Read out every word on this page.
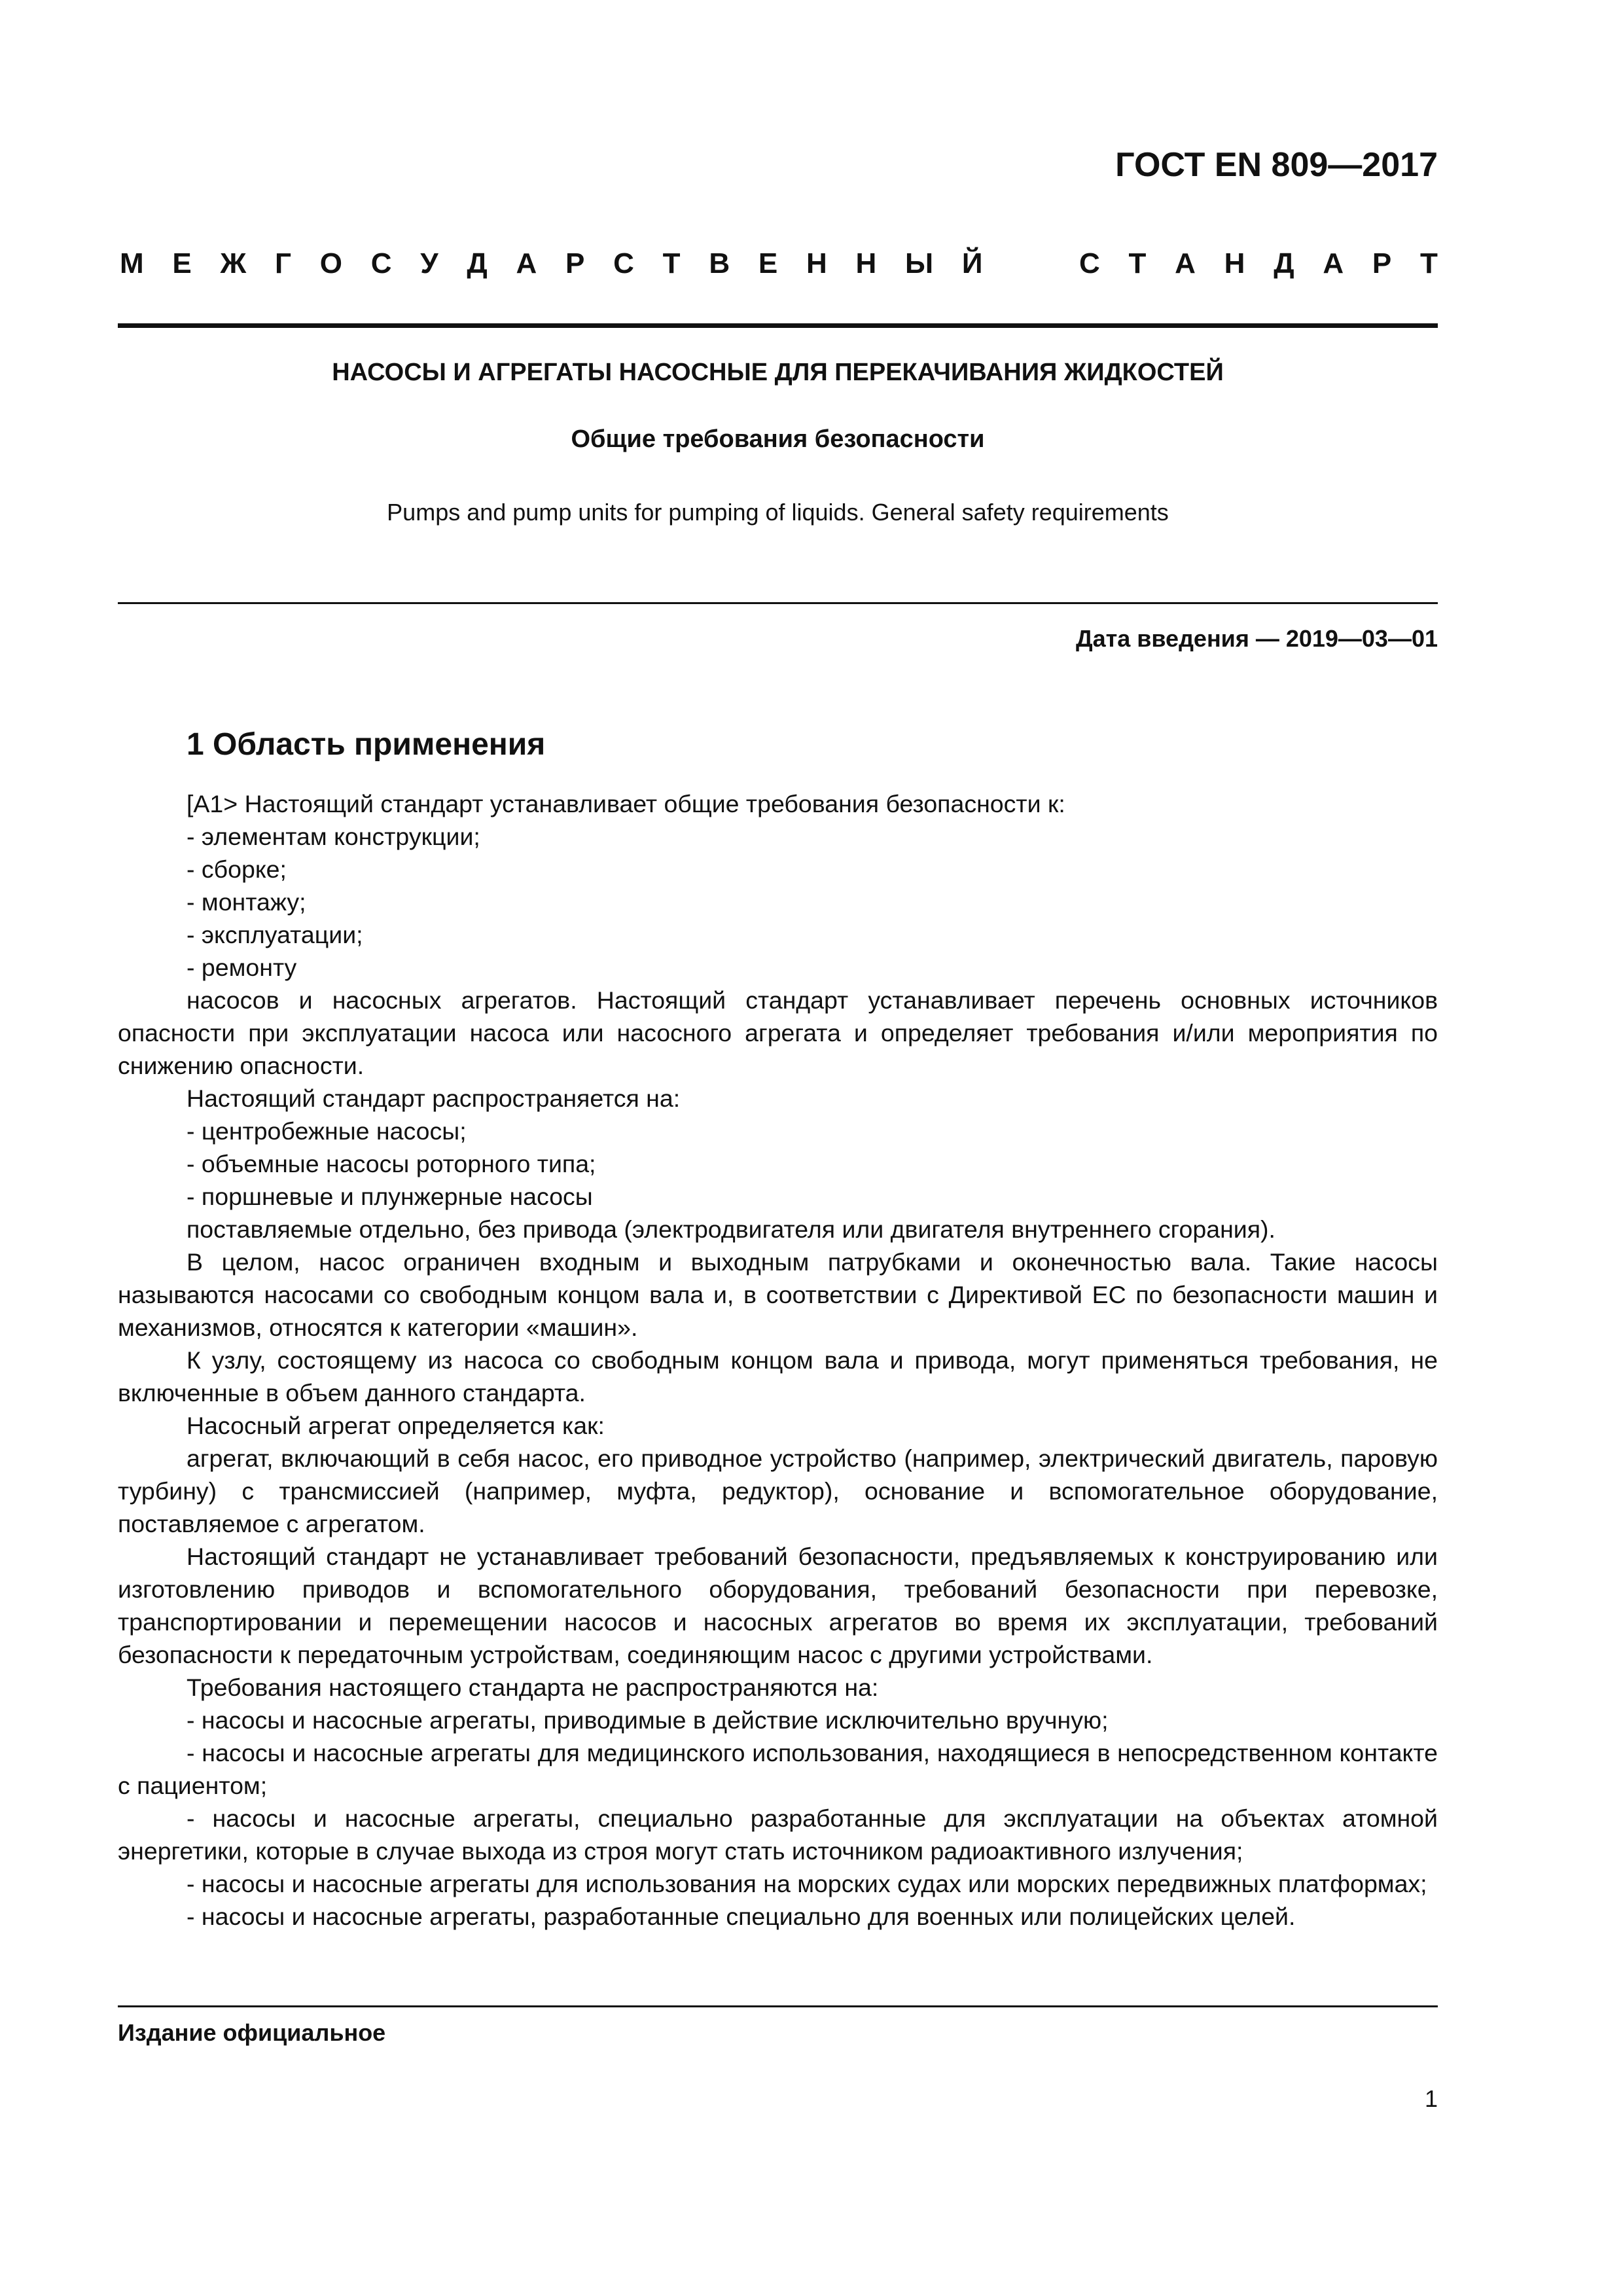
ГОСТ EN 809—2017
М Е Ж Г О С У Д А Р С Т В Е Н Н Ы Й	С Т А Н Д А Р Т
НАСОСЫ И АГРЕГАТЫ НАСОСНЫЕ ДЛЯ ПЕРЕКАЧИВАНИЯ ЖИДКОСТЕЙ
Общие требования безопасности
Pumps and pump units for pumping of liquids. General safety requirements
Дата введения — 2019—03—01
1 Область применения

[A1> Настоящий стандарт устанавливает общие требования безопасности к:

- элементам конструкции;

- сборке;

- монтажу;

- эксплуатации;

- ремонту

насосов и насосных агрегатов. Настоящий стандарт устанавливает перечень основных источников опасности при эксплуатации насоса или насосного агрегата и определяет требования и/или мероприятия по снижению опасности.

Настоящий стандарт распространяется на:

- центробежные насосы;

- объемные насосы роторного типа;

- поршневые и плунжерные насосы

поставляемые отдельно, без привода (электродвигателя или двигателя внутреннего сгорания).

В целом, насос ограничен входным и выходным патрубками и оконечностью вала. Такие насосы называются насосами со свободным концом вала и, в соответствии с Директивой ЕС по безопасности машин и механизмов, относятся к категории «машин».

К узлу, состоящему из насоса со свободным концом вала и привода, могут применяться требования, не включенные в объем данного стандарта.

Насосный агрегат определяется как:

агрегат, включающий в себя насос, его приводное устройство (например, электрический двигатель, паровую турбину) с трансмиссией (например, муфта, редуктор), основание и вспомогательное оборудование, поставляемое с агрегатом.

Настоящий стандарт не устанавливает требований безопасности, предъявляемых к конструированию или изготовлению приводов и вспомогательного оборудования, требований безопасности при перевозке, транспортировании и перемещении насосов и насосных агрегатов во время их эксплуатации, требований безопасности к передаточным устройствам, соединяющим насос с другими устройствами.

Требования настоящего стандарта не распространяются на:

- насосы и насосные агрегаты, приводимые в действие исключительно вручную;

- насосы и насосные агрегаты для медицинского использования, находящиеся в непосредственном контакте с пациентом;

- насосы и насосные агрегаты, специально разработанные для эксплуатации на объектах атомной энергетики, которые в случае выхода из строя могут стать источником радиоактивного излучения;

- насосы и насосные агрегаты для использования на морских судах или морских передвижных платформах;

- насосы и насосные агрегаты, разработанные специально для военных или полицейских целей.

Издание официальное
1
